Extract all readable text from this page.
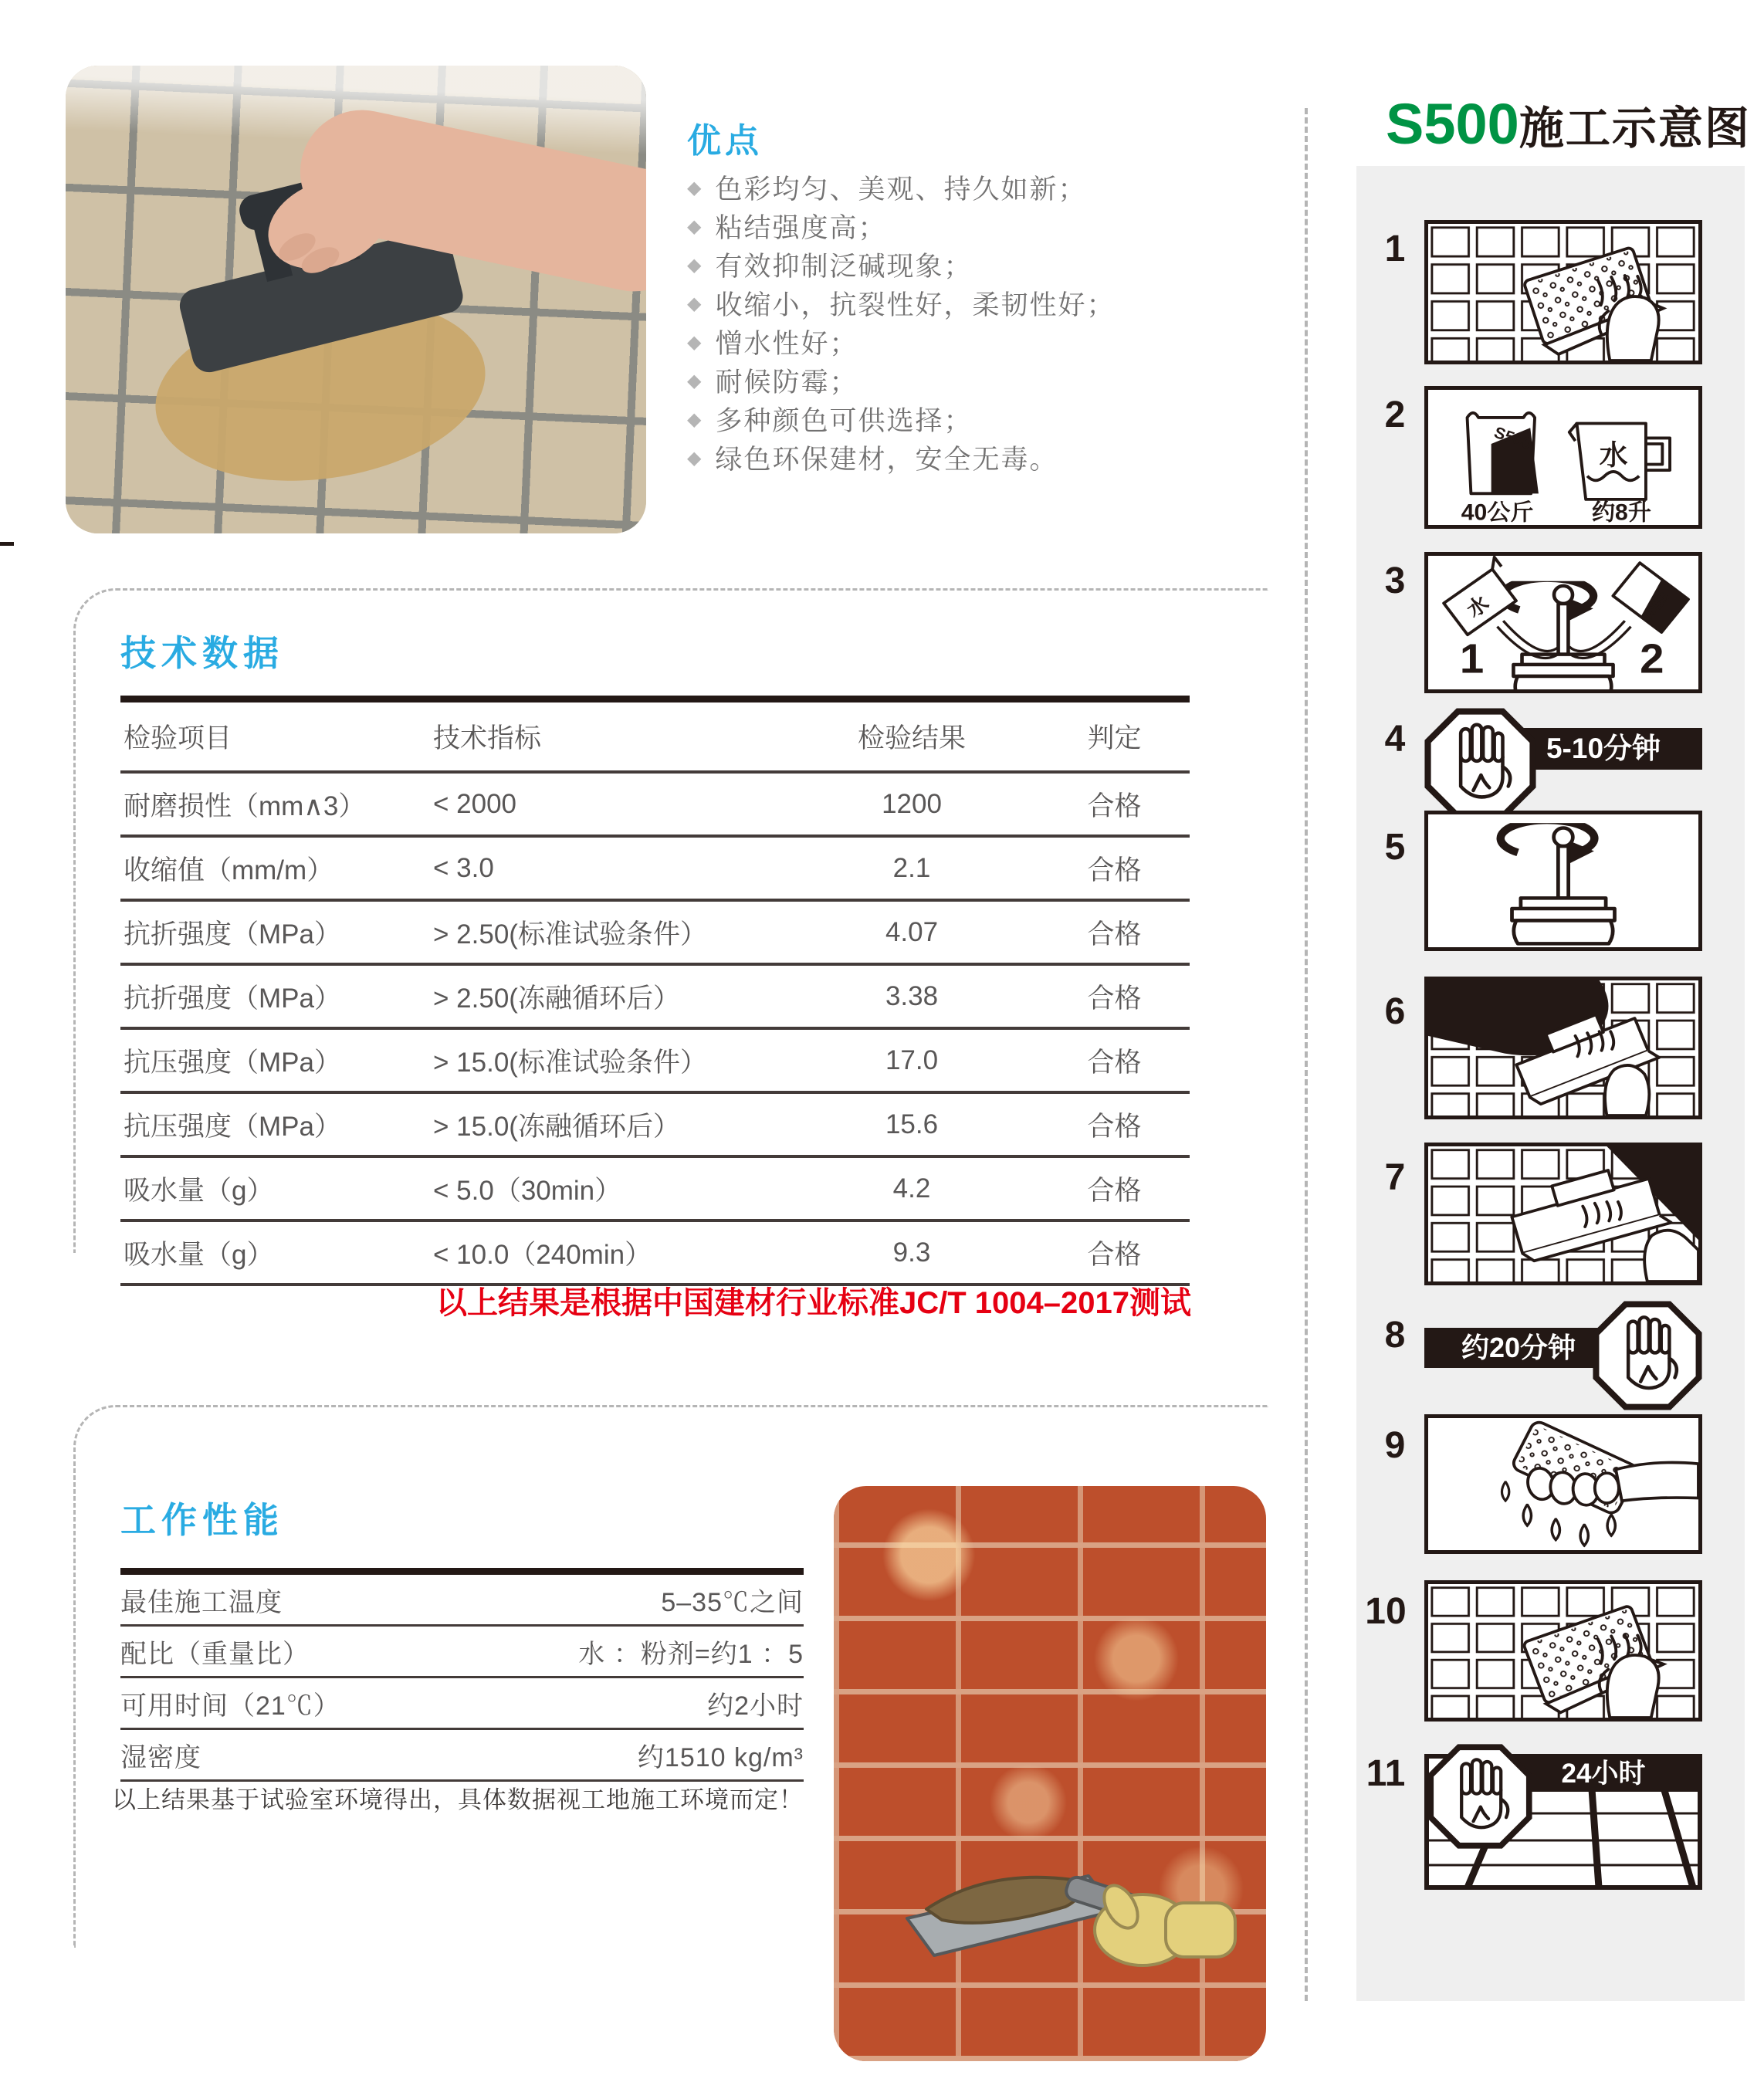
优点
◆ 色彩均匀、美观、持久如新；
◆ 粘结强度高；
◆ 有效抑制泛碱现象；
◆ 收缩小，抗裂性好，柔韧性好；
◆ 憎水性好；
◆ 耐候防霉；
◆ 多种颜色可供选择；
◆ 绿色环保建材，安全无毒。
技术数据
检验项目	技术指标	检验结果	判定
耐磨损性（mm∧3）	< 2000	1200	合格
收缩值（mm/m）	< 3.0	2.1	合格
抗折强度（MPa）	> 2.50(标准试验条件）	4.07	合格
抗折强度（MPa）	> 2.50(冻融循环后）	3.38	合格
抗压强度（MPa）	> 15.0(标准试验条件）	17.0	合格
抗压强度（MPa）	> 15.0(冻融循环后）	15.6	合格
吸水量（g）	< 5.0（30min）	4.2	合格
吸水量（g）	< 10.0（240min）	9.3	合格
以上结果是根据中国建材行业标准JC/T 1004–2017测试
工作性能
最佳施工温度	5–35℃之间
配比（重量比）	水 ：粉剂=约1 ：5
可用时间（21℃）	约2小时
湿密度	约1510 kg/m³
以上结果基于试验室环境得出，具体数据视工地施工环境而定！
S500施工示意图
1
2
3
4
5
6
7
8
9
10
11
S500
水
40公斤 约8升
水	S500
1	2
5-10分钟
约20分钟
24小时
